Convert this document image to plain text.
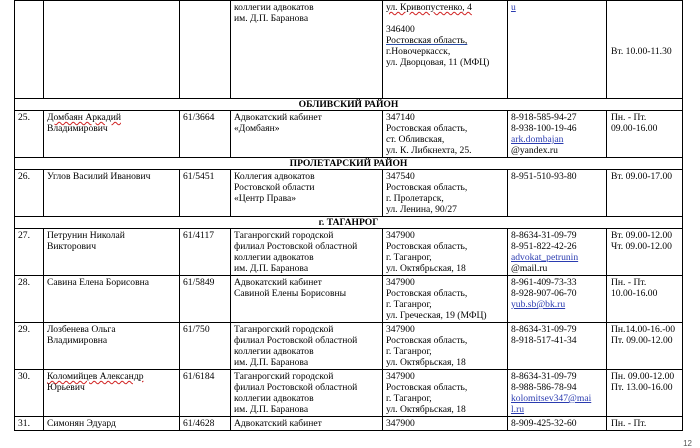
			коллегии адвокатов
им. Д.П. Баранова	ул. Кривопустенко, 4
346400
Ростовская область,
г.Новочеркасск,
ул. Дворцовая, 11 (МФЦ)	u	Вт. 10.00-11.30

ОБЛИВСКИЙ РАЙОН						
25.	Домбаян Аркадий
Владимирович	61/3664	Адвокатский кабинет
«Домбаян»	347140
Ростовская область,
ст. Обливская,
ул. К. Либкнехта, 25.	8-918-585-94-27
8-938-100-19-46
ark.dombajan
@yandex.ru	Пн. - Пт.
09.00-16.00

ПРОЛЕТАРСКИЙ РАЙОН						
26.	Углов Василий Иванович	61/5451	Коллегия адвокатов
Ростовской области
«Центр Права»	347540
Ростовская область,
г. Пролетарск,
ул. Ленина, 90/27	8-951-510-93-80	Вт. 09.00-17.00

г. ТАГАНРОГ						
27.	Петрунин Николай
Викторович	61/4117	Таганрогский городской
филиал Ростовской областной
коллегии адвокатов
им. Д.П. Баранова	347900
Ростовская область,
г. Таганрог,
ул. Октябрьская, 18	8-8634-31-09-79
8-951-822-42-26
advokat_petrunin
@mail.ru	Вт. 09.00-12.00
Чт. 09.00-12.00

28.	Савина Елена Борисовна	61/5849	Адвокатский кабинет
Савиной Елены Борисовны	347900
Ростовская область,
г. Таганрог,
ул. Греческая, 19 (МФЦ)	8-961-409-73-33
8-928-907-06-70
yub.sb@bk.ru	Пн. - Пт.
10.00-16.00

29.	Лозбенева Ольга
Владимировна	61/750	Таганрогский городской
филиал Ростовской областной
коллегии адвокатов
им. Д.П. Баранова	347900
Ростовская область,
г. Таганрог,
ул. Октябрьская, 18	8-8634-31-09-79
8-918-517-41-34	Пн.14.00-16.-00
Пт. 09.00-12.00

30.	Коломийцев Александр
Юрьевич	61/6184	Таганрогский городской
филиал Ростовской областной
коллегии адвокатов
им. Д.П. Баранова	347900
Ростовская область,
г. Таганрог,
ул. Октябрьская, 18	8-8634-31-09-79
8-988-586-78-94
kolomitsev347@mai
l.ru	Пн. 09.00-12.00
Пт. 13.00-16.00

31.	Симонян Эдуард	61/4628	Адвокатский кабинет	347900	8-909-425-32-60	Пн. - Пт.
12
